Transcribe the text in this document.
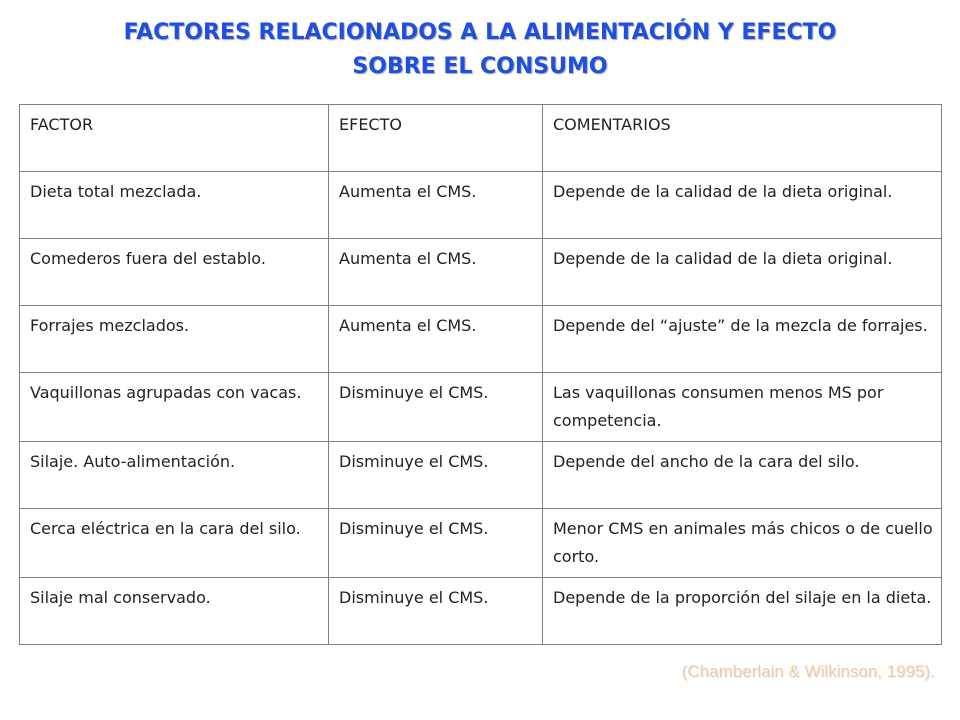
FACTORES RELACIONADOS A LA ALIMENTACIÓN Y EFECTO
SOBRE EL CONSUMO
FACTOR	EFECTO	COMENTARIOS
Dieta total mezclada.	Aumenta el CMS.	Depende de la calidad de la dieta original.
Comederos fuera del establo.	Aumenta el CMS.	Depende de la calidad de la dieta original.
Forrajes mezclados.	Aumenta el CMS.	Depende del “ajuste” de la mezcla de forrajes.
Vaquillonas agrupadas con vacas.	Disminuye el CMS.	Las vaquillonas consumen menos MS por competencia.
Silaje. Auto-alimentación.	Disminuye el CMS.	Depende del ancho de la cara del silo.
Cerca eléctrica en la cara del silo.	Disminuye el CMS.	Menor CMS en animales más chicos o de cuello corto.
Silaje mal conservado.	Disminuye el CMS.	Depende de la proporción del silaje en la dieta.
(Chamberlain & Wilkinson, 1995).
